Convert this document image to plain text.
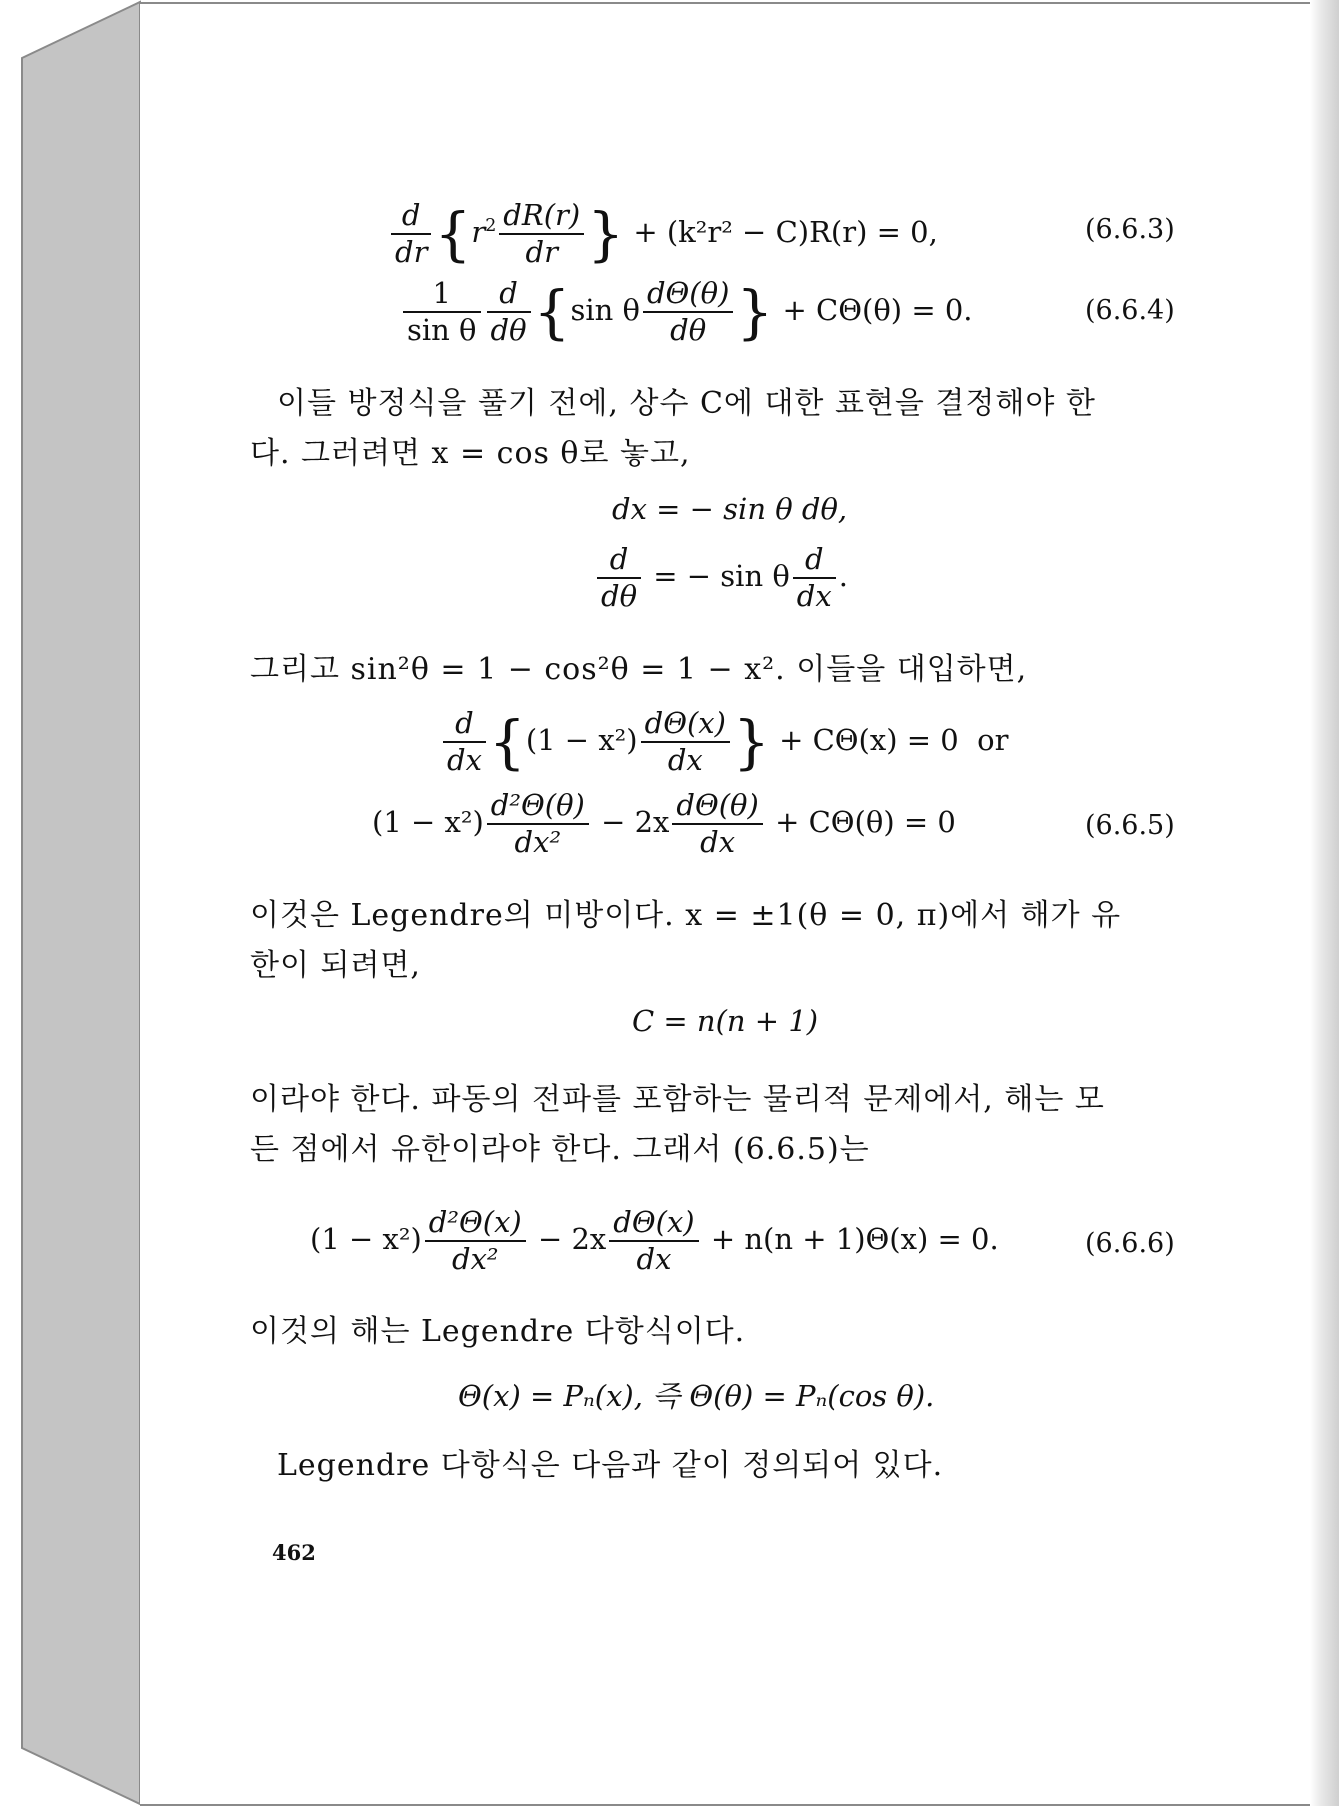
$\frac{d}{dr} \{r^2 \frac{dR(r)}{dr}$ } + (k²r² − C)R(r) = 0,	(6.6.3)
$\frac{1}{\text{sin θ}} \frac{d}{d\theta} \{\sin$ θ $\frac{d\Theta(\theta)}{d\theta}$ } + CΘ(θ) = 0.	(6.6.4)
이들 방정식을 풀기 전에, 상수 C에 대한 표현을 결정해야 한
다. 그러려면 x = cos θ로 놓고,
dx = − sin θ dθ,
$\frac{d}{d\theta}$ = − sin θ $\frac{d}{dx}$ .
그리고 sin²θ = 1 − cos²θ = 1 − x². 이들을 대입하면,
$\frac{d}{dx} \{(1 - x^2) \frac{d\Theta(x)}{dx}$ } + CΘ(x) = 0 or
$(1 - x^2) \frac{\text{d²Θ(θ)}}{\text{dx²}} - 2x \frac{d\Theta(\theta)}{dx} + C\Theta(\theta) = 0$	(6.6.5)
이것은 Legendre의 미방이다. x = ±1(θ = 0, π)에서 해가 유
한이 되려면,
C = n(n + 1)
이라야 한다. 파동의 전파를 포함하는 물리적 문제에서, 해는 모
든 점에서 유한이라야 한다. 그래서 (6.6.5)는
$(1 - x^2) \frac{\text{d²Θ(x)}}{\text{dx²}} - 2x \frac{d\Theta(x)}{dx} + n(n + 1)\Theta(x) = 0$.	(6.6.6)
이것의 해는 Legendre 다항식이다.
Θ(x) = Pₙ(x), 즉 Θ(θ) = Pₙ(cos θ).
Legendre 다항식은 다음과 같이 정의되어 있다.
462
